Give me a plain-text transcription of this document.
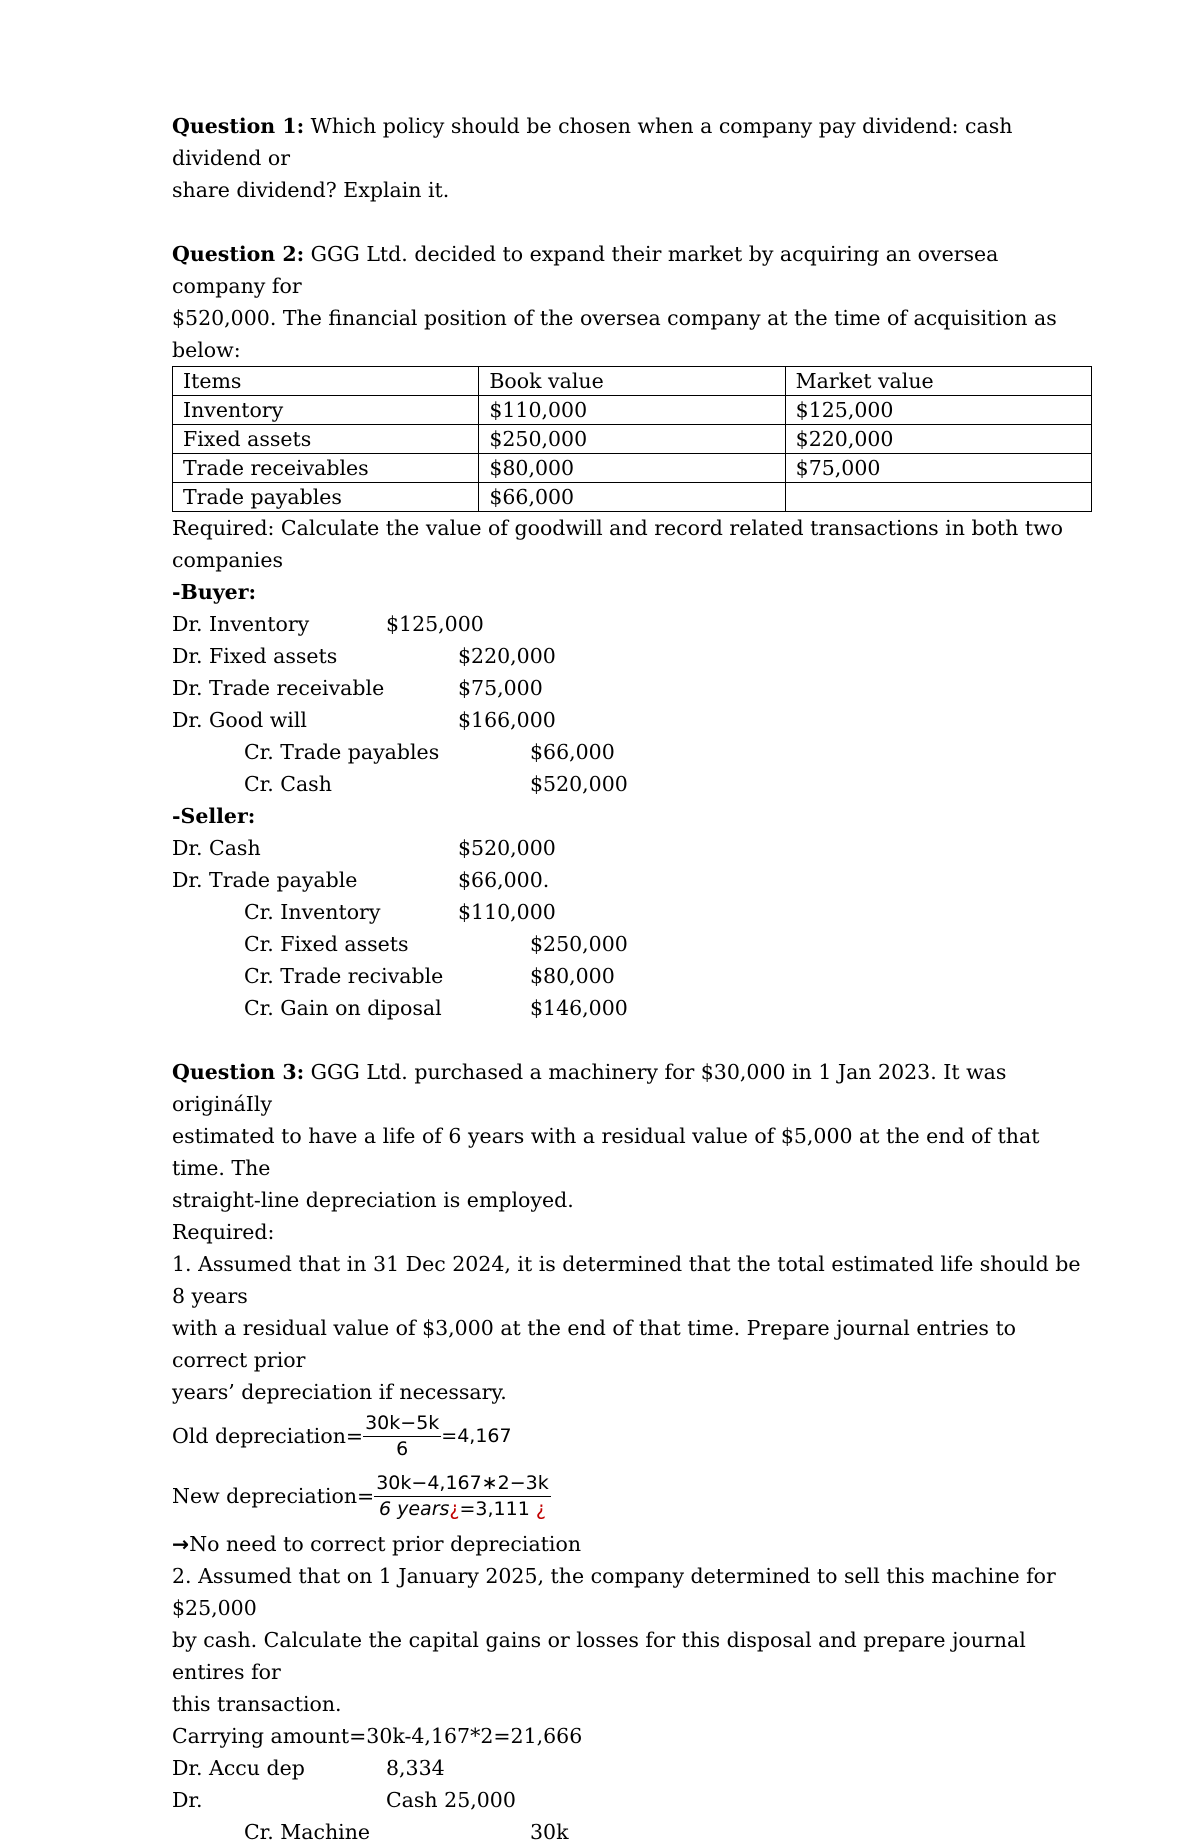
Question 1: Which policy should be chosen when a company pay dividend: cash dividend or

share dividend? Explain it.

Question 2: GGG Ltd. decided to expand their market by acquiring an oversea company for

$520,000. The financial position of the oversea company at the time of acquisition as below:

Items	Book value	Market value
Inventory	$110,000	$125,000
Fixed assets	$250,000	$220,000
Trade receivables	$80,000	$75,000
Trade payables	$66,000	

Required: Calculate the value of goodwill and record related transactions in both two

companies

-Buyer:

Dr. Inventory	$125,000
Dr. Fixed assets	$220,000
Dr. Trade receivable	$75,000
Dr. Good will	$166,000
Cr. Trade payables	$66,000
Cr. Cash	$520,000

-Seller:

Dr. Cash	$520,000
Dr. Trade payable	$66,000.
Cr. Inventory	$110,000
Cr. Fixed assets	$250,000
Cr. Trade recivable	$80,000
Cr. Gain on diposal	$146,000

Question 3: GGG Ltd. purchased a machinery for $30,000 in 1 Jan 2023. It was origináIly

estimated to have a life of 6 years with a residual value of $5,000 at the end of that time. The

straight-line depreciation is employed.

Required:

1. Assumed that in 31 Dec 2024, it is determined that the total estimated life should be 8 years

with a residual value of $3,000 at the end of that time. Prepare journal entries to correct prior

years’ depreciation if necessary.

Old depreciation= $\frac{30k-5k}{6} =4,167$
New depreciation= $\frac{30k-4,167∗2-3k}{\text{6 years¿=3,111 ¿}}$

→No need to correct prior depreciation

2. Assumed that on 1 January 2025, the company determined to sell this machine for $25,000

by cash. Calculate the capital gains or losses for this disposal and prepare journal entires for

this transaction.

Carrying amount=30k-4,167*2=21,666

Dr. Accu dep	8,334
Dr.	Cash 25,000
Cr. Machine	30k
